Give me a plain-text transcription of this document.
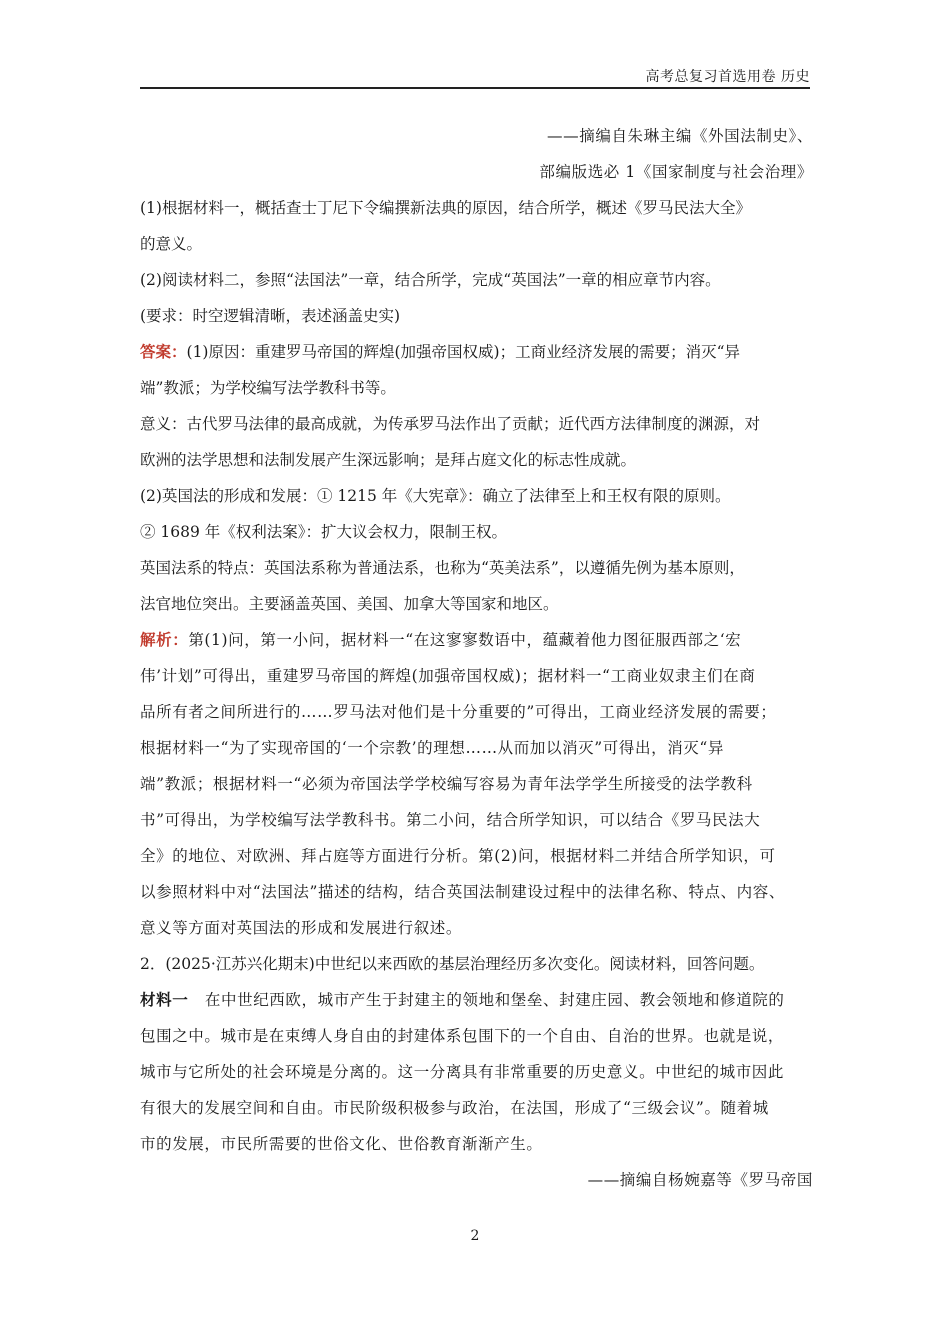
高考总复习首选用卷 历史
——摘编自朱琳主编《外国法制史》、
部编版选必 1《国家制度与社会治理》
(1)根据材料一，概括查士丁尼下令编撰新法典的原因，结合所学，概述《罗马民法大全》
的意义。
(2)阅读材料二，参照“法国法”一章，结合所学，完成“英国法”一章的相应章节内容。
(要求：时空逻辑清晰，表述涵盖史实)
答案：(1)原因：重建罗马帝国的辉煌(加强帝国权威)；工商业经济发展的需要；消灭“异
端”教派；为学校编写法学教科书等。
意义：古代罗马法律的最高成就，为传承罗马法作出了贡献；近代西方法律制度的渊源，对
欧洲的法学思想和法制发展产生深远影响；是拜占庭文化的标志性成就。
(2)英国法的形成和发展：① 1215 年《大宪章》：确立了法律至上和王权有限的原则。
② 1689 年《权利法案》：扩大议会权力，限制王权。
英国法系的特点：英国法系称为普通法系，也称为“英美法系”，以遵循先例为基本原则，
法官地位突出。主要涵盖英国、美国、加拿大等国家和地区。
解析：第(1)问，第一小问，据材料一“在这寥寥数语中，蕴藏着他力图征服西部之‘宏
伟’计划”可得出，重建罗马帝国的辉煌(加强帝国权威)；据材料一“工商业奴隶主们在商
品所有者之间所进行的……罗马法对他们是十分重要的”可得出，工商业经济发展的需要；
根据材料一“为了实现帝国的‘一个宗教’的理想……从而加以消灭”可得出，消灭“异
端”教派；根据材料一“必须为帝国法学学校编写容易为青年法学学生所接受的法学教科
书”可得出，为学校编写法学教科书。第二小问，结合所学知识，可以结合《罗马民法大
全》的地位、对欧洲、拜占庭等方面进行分析。第(2)问，根据材料二并结合所学知识，可
以参照材料中对“法国法”描述的结构，结合英国法制建设过程中的法律名称、特点、内容、
意义等方面对英国法的形成和发展进行叙述。
2．(2025·江苏兴化期末)中世纪以来西欧的基层治理经历多次变化。阅读材料，回答问题。
材料一 在中世纪西欧，城市产生于封建主的领地和堡垒、封建庄园、教会领地和修道院的
包围之中。城市是在束缚人身自由的封建体系包围下的一个自由、自治的世界。也就是说，
城市与它所处的社会环境是分离的。这一分离具有非常重要的历史意义。中世纪的城市因此
有很大的发展空间和自由。市民阶级积极参与政治，在法国，形成了“三级会议”。随着城
市的发展，市民所需要的世俗文化、世俗教育渐渐产生。
——摘编自杨婉嘉等《罗马帝国
2
